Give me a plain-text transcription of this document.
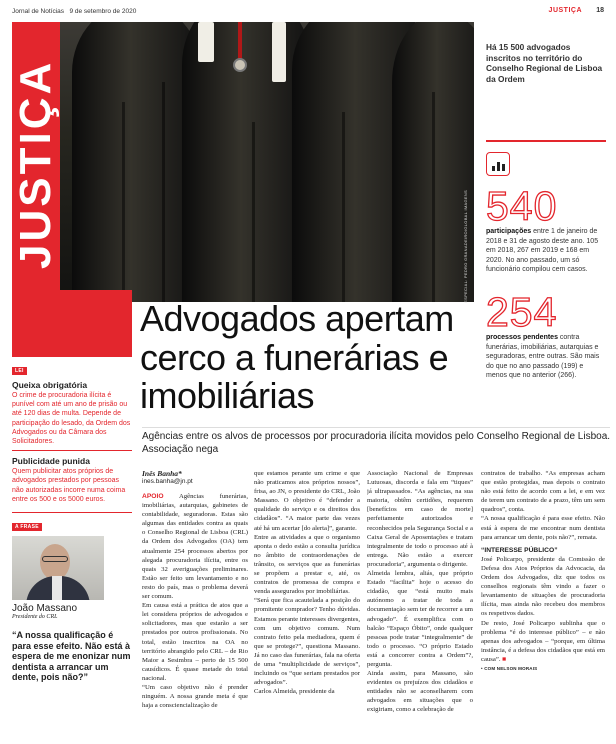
Jornal de Notícias 9 de setembro de 2020	JUSTIÇA 18
JUSTIÇA	ESPECIAL: PEDRO GRANADEIRO/GLOBAL IMAGENS
Há 15 500 advogados inscritos no território do Conselho Regional de Lisboa da Ordem
540
participações entre 1 de janeiro de 2018 e 31 de agosto deste ano. 105 em 2018, 267 em 2019 e 168 em 2020. No ano passado, um só funcionário compilou cem casos.
254
processos pendentes contra funerárias, imobiliárias, autarquias e seguradoras, entre outras. São mais do que no ano passado (199) e menos que no anterior (266).
Advogados apertam cerco a funerárias e imobiliárias
Agências entre os alvos de processos por procuradoria ilícita movidos pelo Conselho Regional de Lisboa. Associação nega
LEI
Queixa obrigatória
O crime de procuradoria ilícita é punível com até um ano de prisão ou até 120 dias de multa. Depende de participação do lesado, da Ordem dos Advogados ou da Câmara dos Solicitadores.
Publicidade punida
Quem publicitar atos próprios de advogados prestados por pessoas não autorizadas incorre numa coima entre os 500 e os 5000 euros.
A FRASE
João Massano
Presidente do CRL
“A nossa qualificação é para esse efeito. Não está à espera de me enonizar num dentista a arrancar um dente, pois não?”
Inês Banha*
ines.banha@jn.pt
APOIO Agências funerárias, imobiliárias, autarquias, gabinetes de contabilidade, seguradoras. Estas são algumas das entidades contra as quais o Conselho Regional de Lisboa (CRL) da Ordem dos Advogados (OA) tem atualmente 254 processos abertos por alegada procuradoria ilícita, entre os quais 32 averiguações preliminares. Estão ser feito um levantamento e no resto do país, mas o problema deverá ser comum.
Em causa está a prática de atos que a lei considera próprios de advogados e solicitadores, mas que estarão a ser prestados por outros profissionais. No total, estão inscritos na OA no território abrangido pelo CRL – de Rio Maior a Sesimbra – perto de 15 500 causídicos. É quase metade do total nacional.
“Um caso objetivo não é prender ninguém. A nossa grande meta é que haja a consciencialização de
que estamos perante um crime e que não praticamos atos próprios nossos”, frisa, ao JN, o presidente do CRL, João Massano. O objetivo é “defender a qualidade do serviço e os direitos dos cidadãos”. “A maior parte das vezes até há um acertar [do alerta]”, garante.
Entre as atividades a que o organismo aponta o dedo estão a consulta jurídica no âmbito de contraordenações de trânsito, os serviços que as funerárias se propõem a prestar e, até, os contratos de promessa de compra e venda assegurados por imobiliárias.
“Será que fica acautelada a posição do promitente comprador? Tenho dúvidas. Estamos perante interesses divergentes, com um objetivo comum. Num contrato feito pela mediadora, quem é que se protege?”, questiona Massano. Já no caso das funerárias, fala na oferta de uma “multiplicidade de serviços”, incluindo os “que seriam prestados por advogados”.
Carlos Almeida, presidente da
Associação Nacional de Empresas Lutuosas, discorda e fala em “tiques” já ultrapassados. “As agências, na sua maioria, obtêm certidões, requerem [benefícios em caso de morte] perfeitamente autorizados e reconhecidos pela Segurança Social e a Caixa Geral de Aposentações e tratam integralmente de todo o processo até à entrega. Não estão a exercer procuradoria”, argumenta o dirigente.
Almeida lembra, aliás, que próprio Estado “facilita” hoje o acesso do cidadão, que “está muito mais autónomo a tratar de toda a documentação sem ter de recorrer a um advogado”. É exemplifica com o balcão “Espaço Óbito”, onde qualquer pessoas pode tratar “integralmente” de todo o processo. “O próprio Estado está a concorrer contra a Ordem”?, pergunta.
Ainda assim, para Massano, são evidentes os prejuízos dos cidadãos e entidades não se aconselharem com advogados em situações que o exigiriam, como a celebração de
contratos de trabalho. “As empresas acham que estão protegidas, mas depois o contrato não está feito de acordo com a lei, e em vez de terem um contrato de a prazo, têm um sem quadros”, conta.
“A nossa qualificação é para esse efeito. Não está à espera de me encontrar num dentista para arrancar um dente, pois não?”, remata.
“INTERESSE PÚBLICO”
José Policarpo, presidente da Comissão de Defesa dos Atos Próprios da Advocacia, da Ordem dos Advogados, diz que todos os conselhos regionais têm vindo a fazer o levantamento de situações de procuradoria ilícita, mas ainda não recebeu dos membros os respetivos dados.
De resto, José Policarpo sublinha que o problema “é do interesse público” – e não apenas dos advogados – “porque, em última instância, é a defesa dos cidadãos que está em causa”. ■
• COM NELSON MORAIS
